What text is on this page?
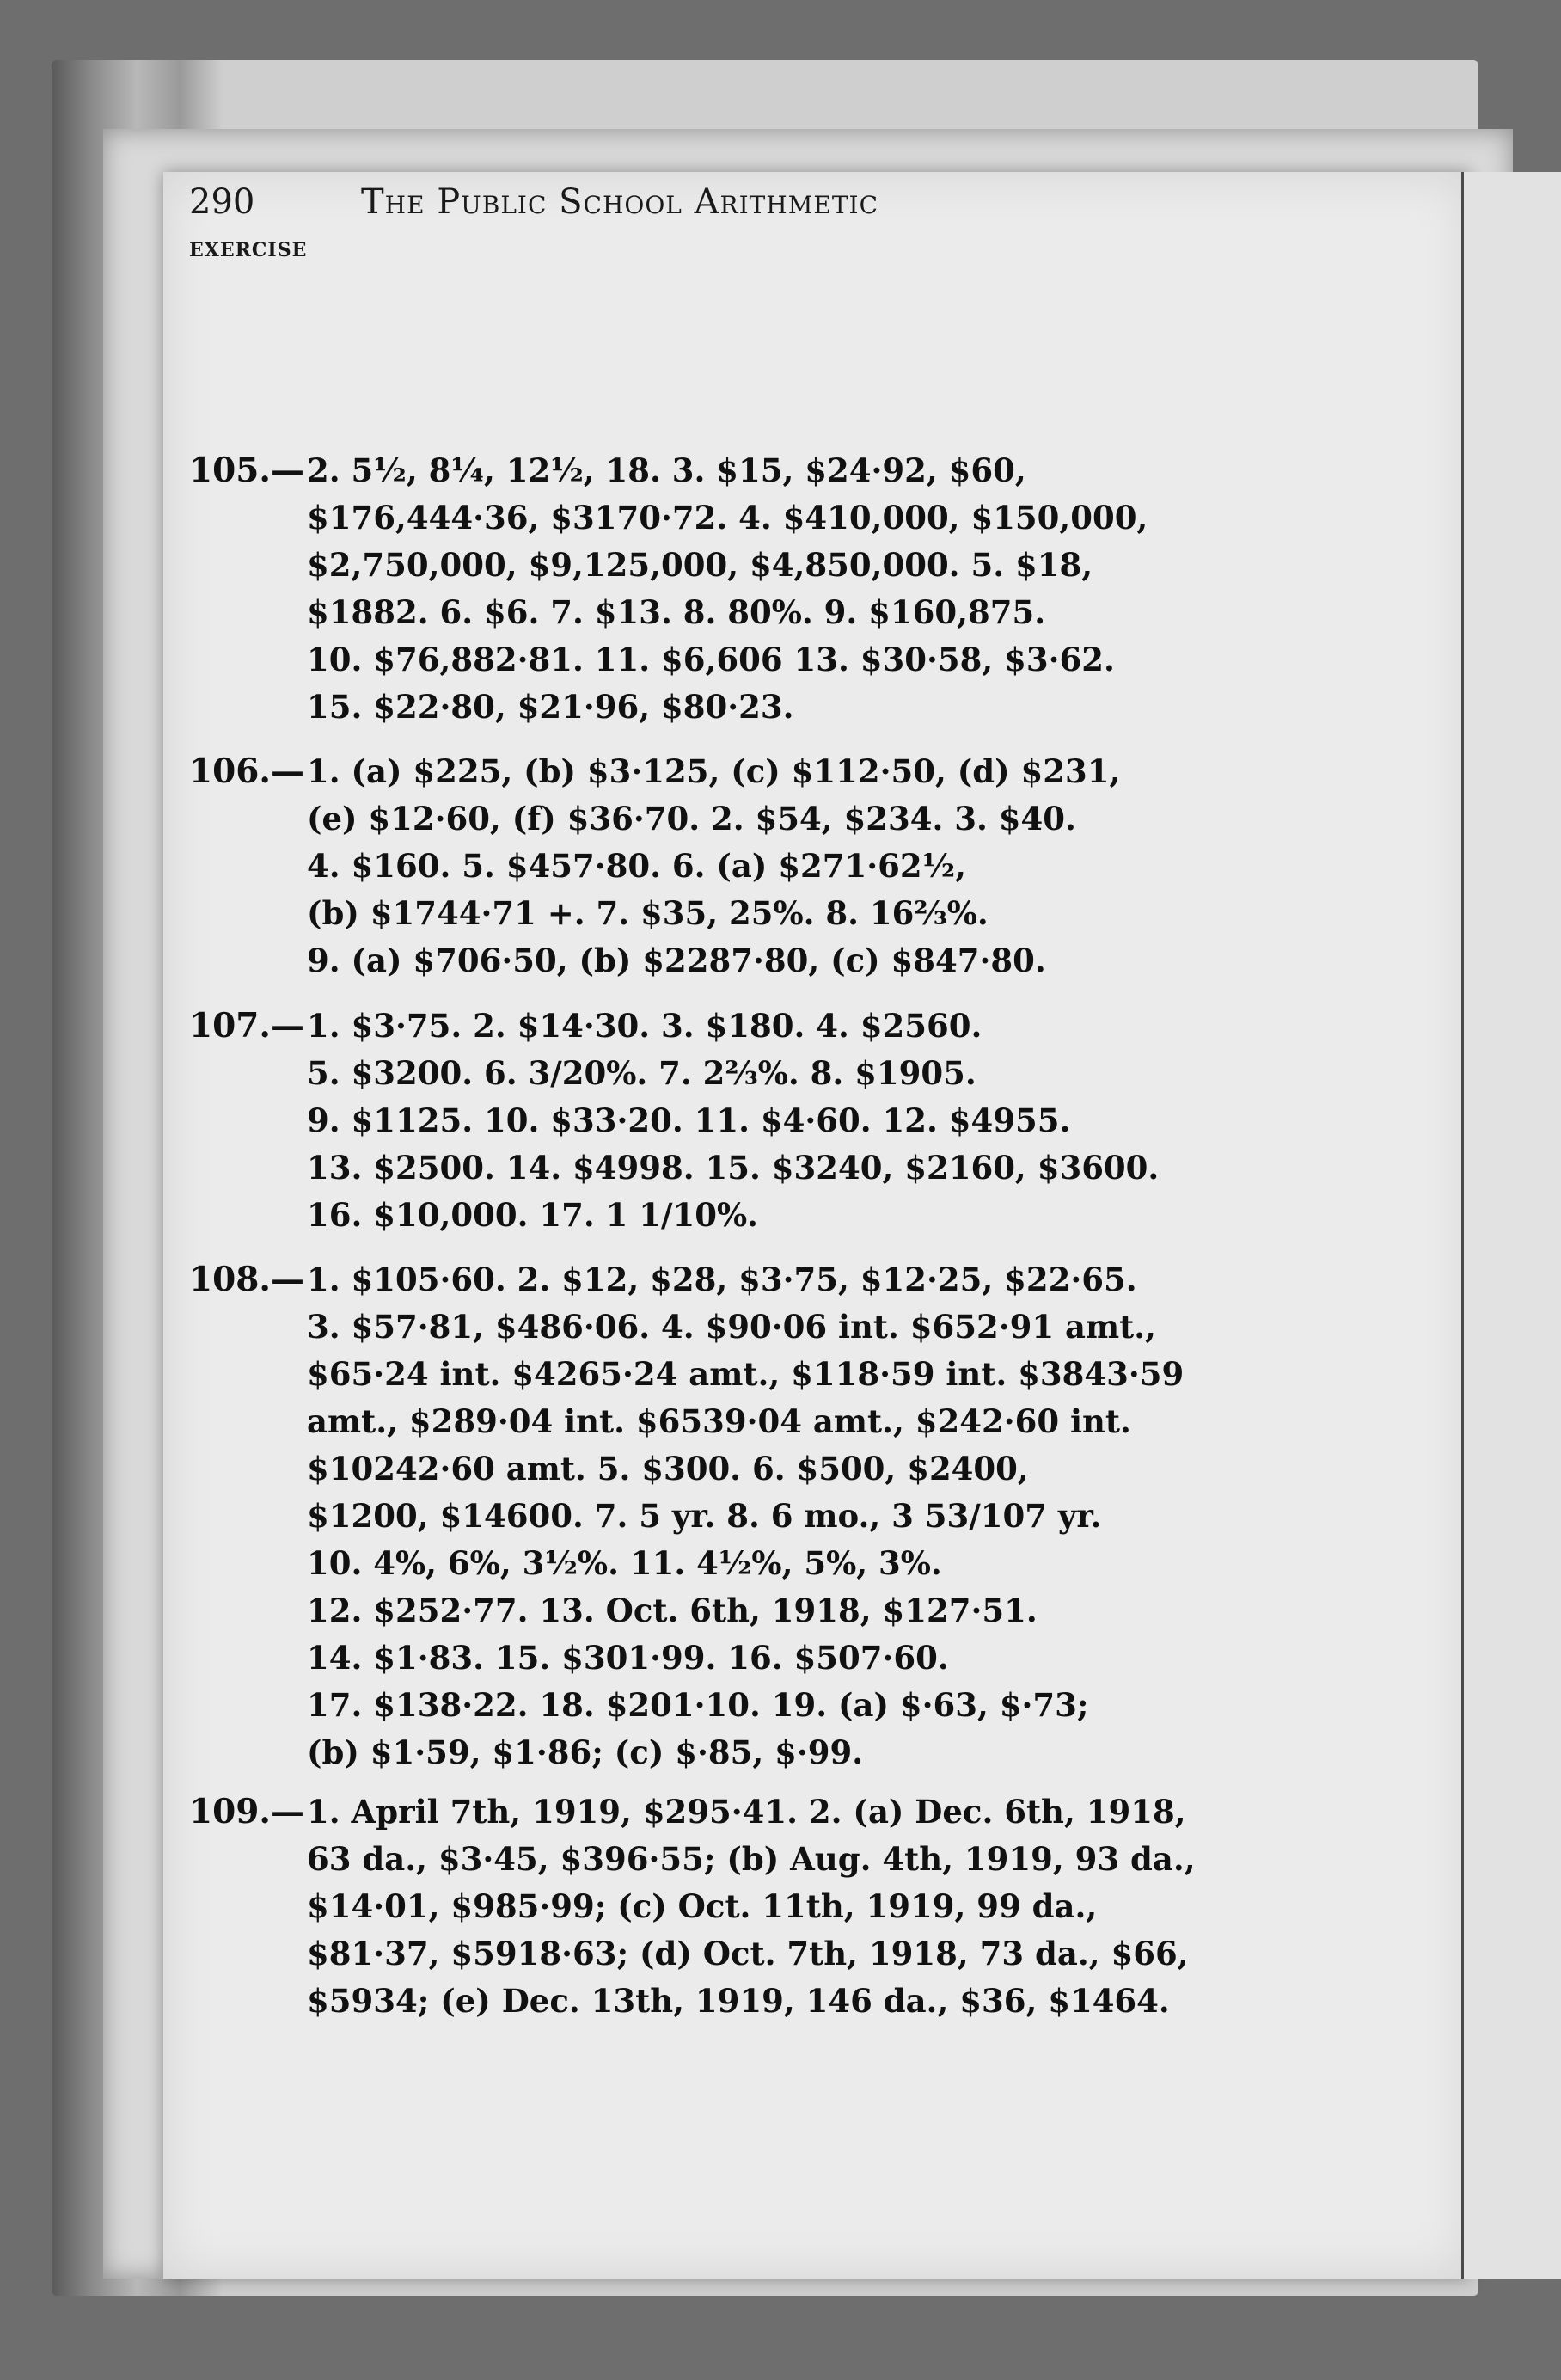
290	The Public School Arithmetic
EXERCISE
105.— 2. 5½, 8¼, 12½, 18. 3. $15, $24·92, $60,
$176,444·36, $3170·72. 4. $410,000, $150,000,
$2,750,000, $9,125,000, $4,850,000. 5. $18,
$1882. 6. $6. 7. $13. 8. 80%. 9. $160,875.
10. $76,882·81. 11. $6,606 13. $30·58, $3·62.
15. $22·80, $21·96, $80·23.
106.— 1. (a) $225, (b) $3·125, (c) $112·50, (d) $231,
(e) $12·60, (f) $36·70. 2. $54, $234. 3. $40.
4. $160. 5. $457·80. 6. (a) $271·62½,
(b) $1744·71 +. 7. $35, 25%. 8. 16⅔%.
9. (a) $706·50, (b) $2287·80, (c) $847·80.
107.— 1. $3·75. 2. $14·30. 3. $180. 4. $2560.
5. $3200. 6. 3/20%. 7. 2⅔%. 8. $1905.
9. $1125. 10. $33·20. 11. $4·60. 12. $4955.
13. $2500. 14. $4998. 15. $3240, $2160, $3600.
16. $10,000. 17. 1 1/10%.
108.— 1. $105·60. 2. $12, $28, $3·75, $12·25, $22·65.
3. $57·81, $486·06. 4. $90·06 int. $652·91 amt.,
$65·24 int. $4265·24 amt., $118·59 int. $3843·59
amt., $289·04 int. $6539·04 amt., $242·60 int.
$10242·60 amt. 5. $300. 6. $500, $2400,
$1200, $14600. 7. 5 yr. 8. 6 mo., 3 53/107 yr.
10. 4%, 6%, 3½%. 11. 4½%, 5%, 3%.
12. $252·77. 13. Oct. 6th, 1918, $127·51.
14. $1·83. 15. $301·99. 16. $507·60.
17. $138·22. 18. $201·10. 19. (a) $·63, $·73;
(b) $1·59, $1·86; (c) $·85, $·99.
109.— 1. April 7th, 1919, $295·41. 2. (a) Dec. 6th, 1918,
63 da., $3·45, $396·55; (b) Aug. 4th, 1919, 93 da.,
$14·01, $985·99; (c) Oct. 11th, 1919, 99 da.,
$81·37, $5918·63; (d) Oct. 7th, 1918, 73 da., $66,
$5934; (e) Dec. 13th, 1919, 146 da., $36, $1464.
